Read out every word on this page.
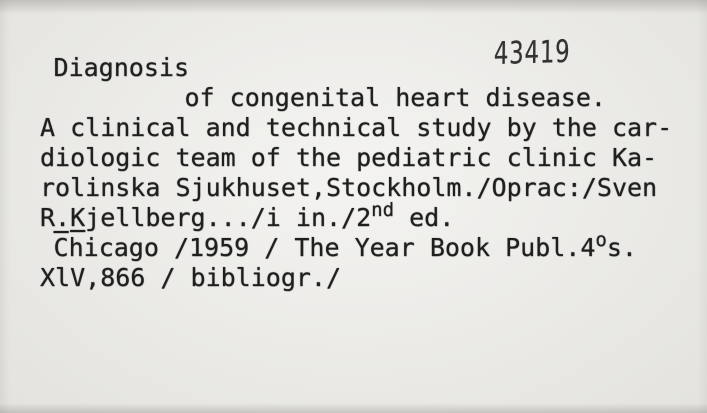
43419
Diagnosis
of congenital heart disease.
A clinical and technical study by the car-
diologic team of the pediatric clinic Ka-
rolinska Sjukhuset,Stockholm./Oprac:/Sven
R.Kjellberg.../i in./2nd ed.
$\overline{C}hicago$ /1959 / The Year Book Publ.4$^o$s.
XlV,866 / bibliogr./
